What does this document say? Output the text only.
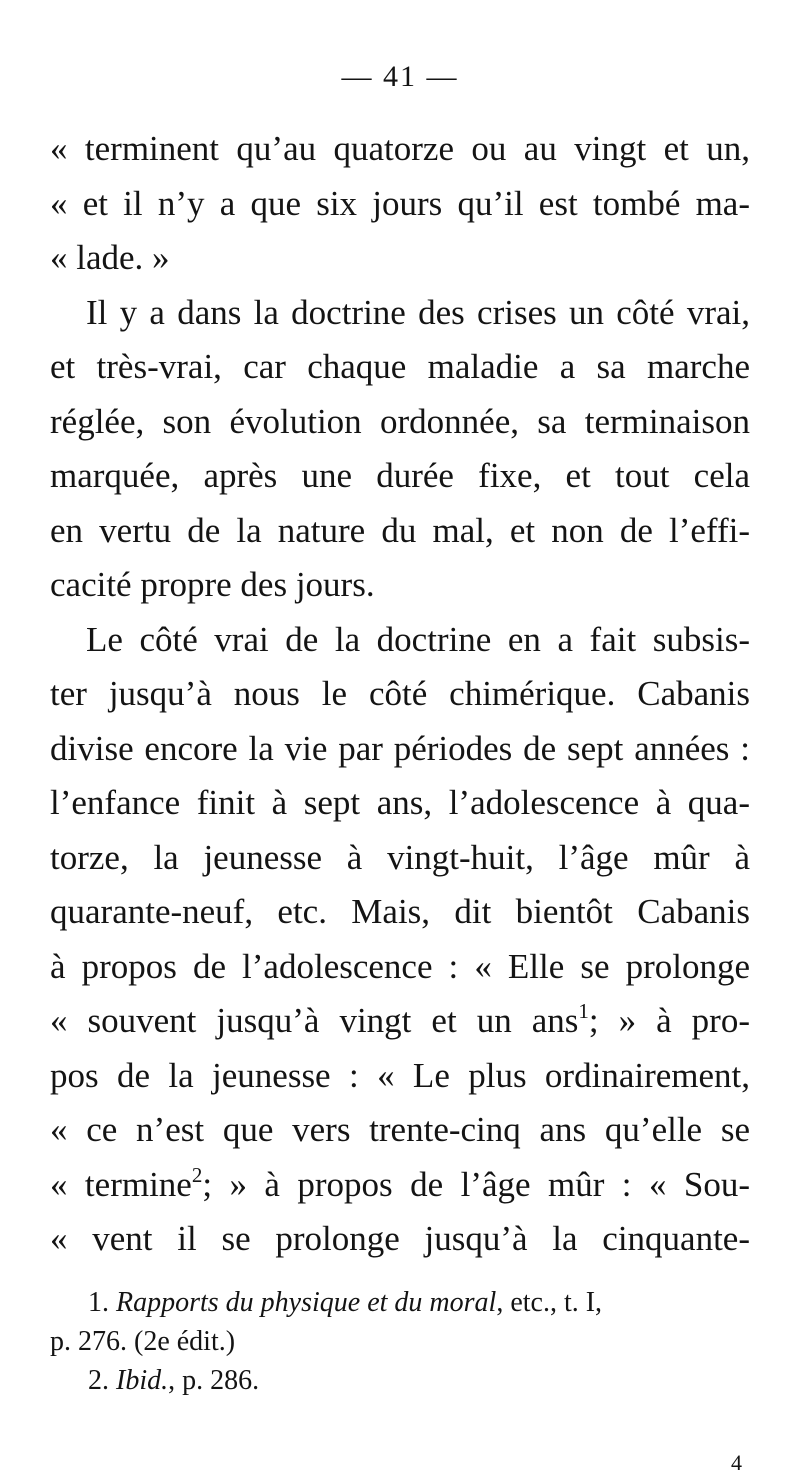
— 41 —
« terminent qu’au quatorze ou au vingt et un,
« et il n’y a que six jours qu’il est tombé ma-
« lade. »
Il y a dans la doctrine des crises un côté vrai,
et très-vrai, car chaque maladie a sa marche
réglée, son évolution ordonnée, sa terminaison
marquée, après une durée fixe, et tout cela
en vertu de la nature du mal, et non de l’effi-
cacité propre des jours.
Le côté vrai de la doctrine en a fait subsis-
ter jusqu’à nous le côté chimérique. Cabanis
divise encore la vie par périodes de sept années :
l’enfance finit à sept ans, l’adolescence à qua-
torze, la jeunesse à vingt-huit, l’âge mûr à
quarante-neuf, etc. Mais, dit bientôt Cabanis
à propos de l’adolescence : « Elle se prolonge
« souvent jusqu’à vingt et un ans$^1$; » à pro-
pos de la jeunesse : « Le plus ordinairement,
« ce n’est que vers trente-cinq ans qu’elle se
« termine$^2$; » à propos de l’âge mûr : « Sou-
« vent il se prolonge jusqu’à la cinquante-
1. Rapports du physique et du moral, etc., t. I,
p. 276. (2e édit.)
2. Ibid., p. 286.
4
